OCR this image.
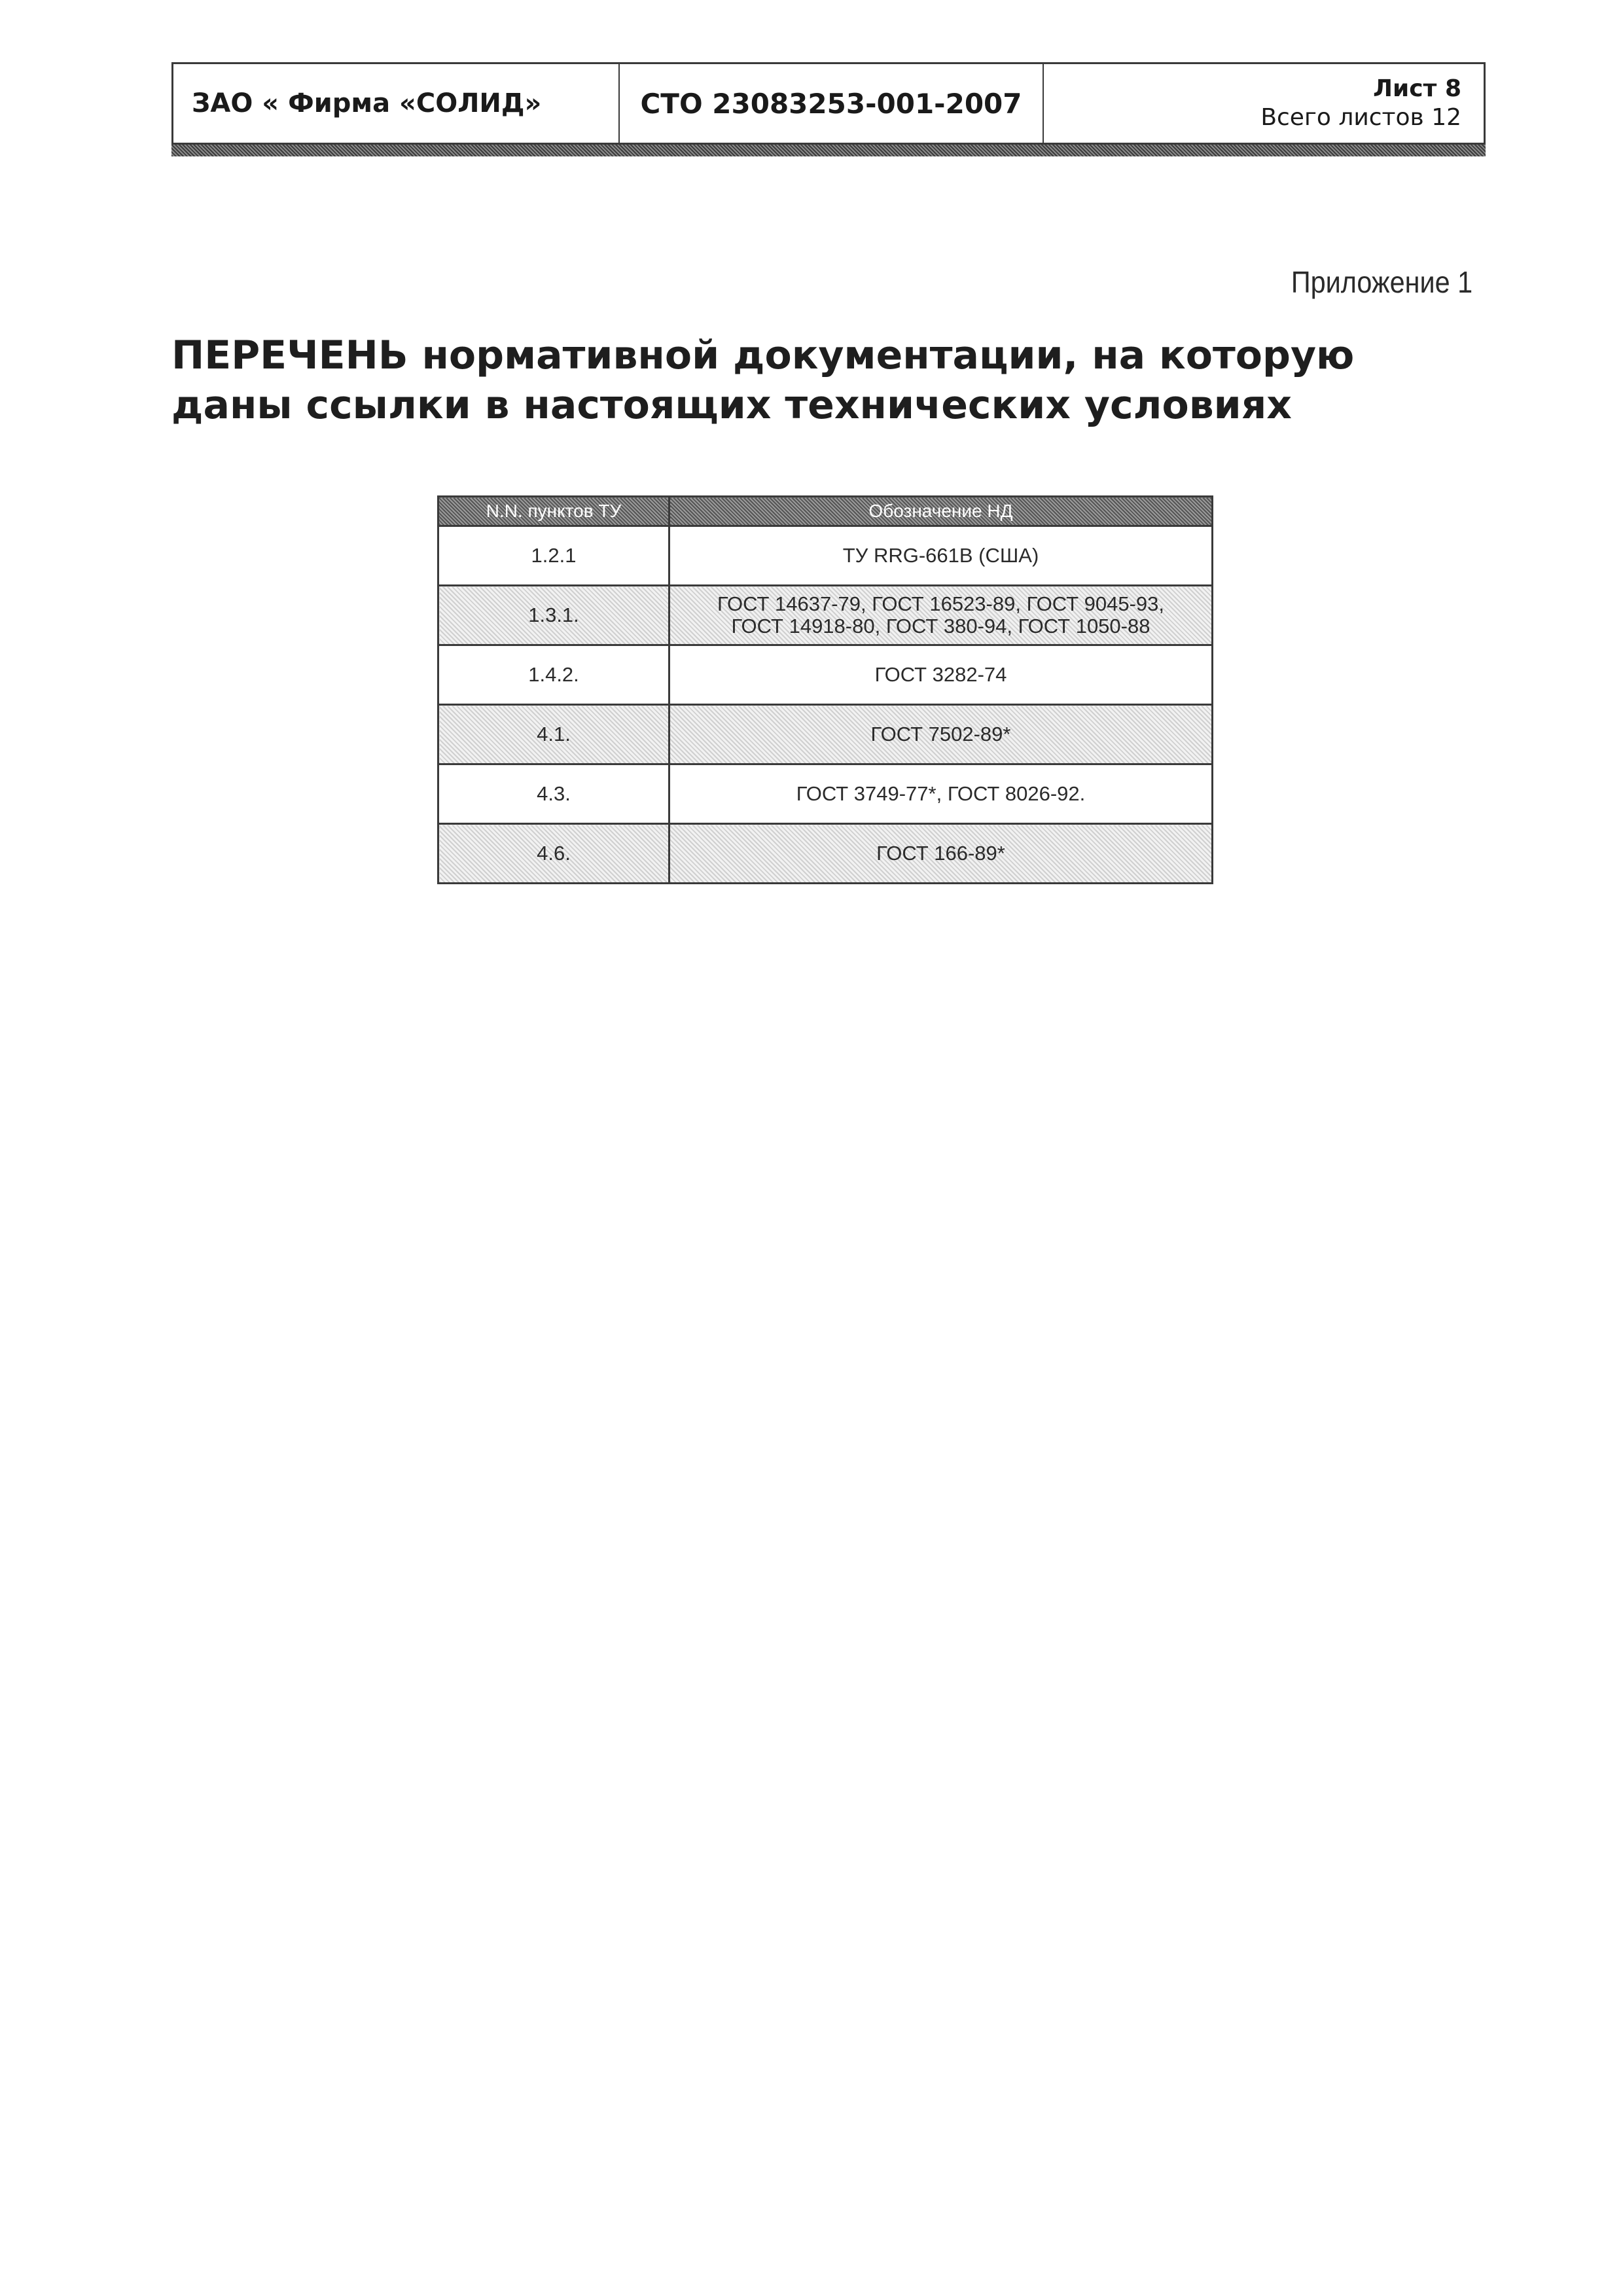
ЗАО « Фирма «СОЛИД»	СТО 23083253-001-2007	Лист 8
Всего листов 12
Приложение 1
ПЕРЕЧЕНЬ нормативной документации, на которую
даны ссылки в настоящих технических условиях
N.N. пунктов ТУ	Обозначение НД
1.2.1	ТУ RRG-661B (США)

1.3.1.	ГОСТ 14637-79, ГОСТ 16523-89, ГОСТ 9045-93,
ГОСТ 14918-80, ГОСТ 380-94, ГОСТ 1050-88

1.4.2.	ГОСТ 3282-74

4.1.	ГОСТ 7502-89*

4.3.	ГОСТ 3749-77*, ГОСТ 8026-92.

4.6.	ГОСТ 166-89*
